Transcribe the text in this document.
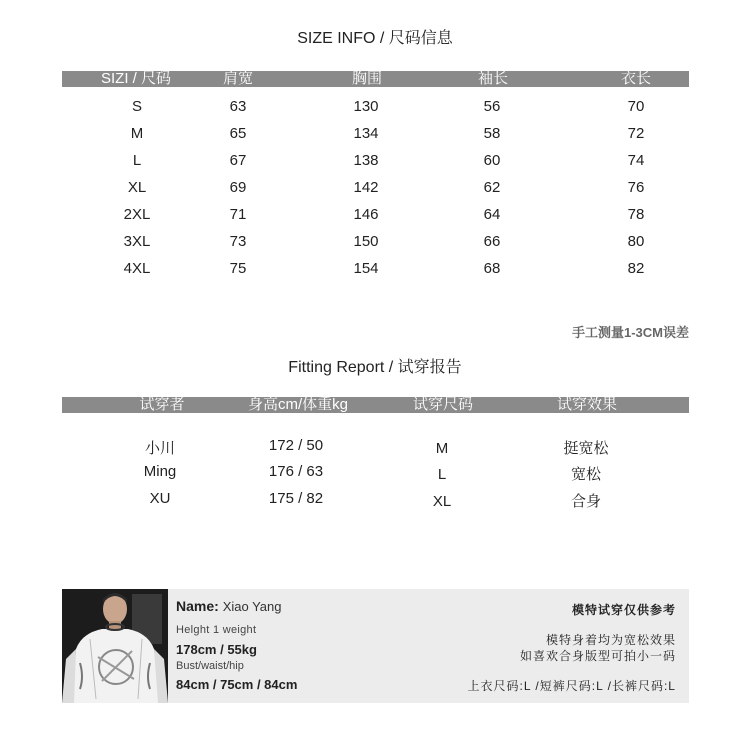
SIZE INFO / 尺码信息
SIZI / 尺码	肩宽	胸围	袖长	衣长
S	63	130	56	70
M	65	134	58	72
L	67	138	60	74
XL	69	142	62	76
2XL	71	146	64	78
3XL	73	150	66	80
4XL	75	154	68	82
手工测量1-3CM误差
Fitting Report / 试穿报告
试穿者	身高cm/体重kg	试穿尺码	试穿效果
小川	172 / 50	M	挺宽松
Ming	176 / 63	L	宽松
XU	175 / 82	XL	合身
Name: Xiao Yang
Helght 1 weight
178cm / 55kg
Bust/waist/hip
84cm / 75cm / 84cm
模特试穿仅供参考
模特身着均为宽松效果
如喜欢合身版型可拍小一码
上衣尺码:L /短裤尺码:L /长裤尺码:L
